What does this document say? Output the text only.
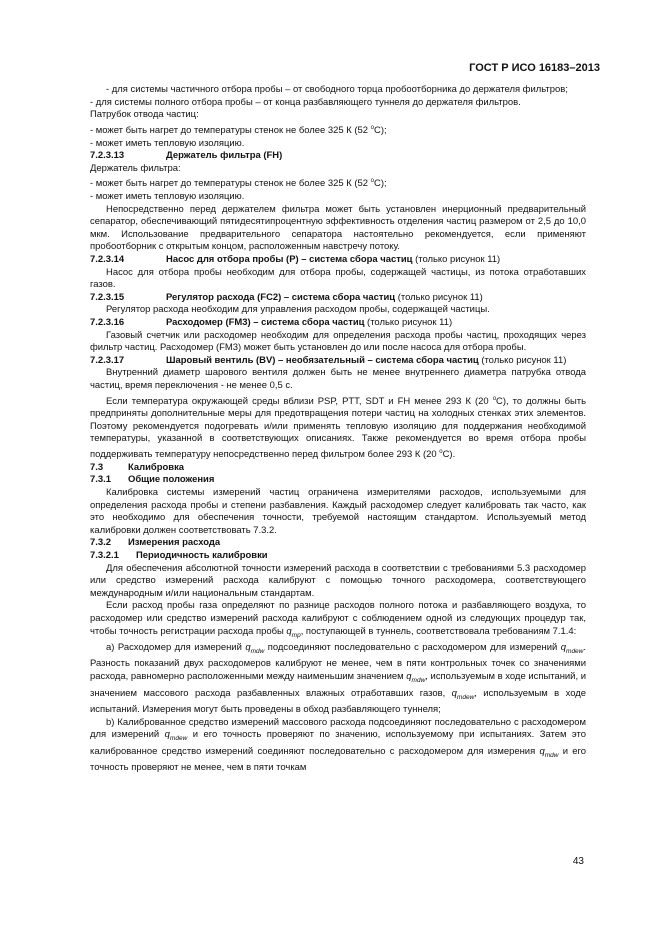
ГОСТ Р ИСО 16183–2013

- для системы частичного отбора пробы – от свободного торца пробоотборника до держателя фильтров;

- для системы полного отбора пробы – от конца разбавляющего туннеля до держателя фильтров.

Патрубок отвода частиц:

- может быть нагрет до температуры стенок не более 325 К (52 $^o$C);

- может иметь тепловую изоляцию.

7.2.3.13	Держатель фильтра (FH)

Держатель фильтра:

- может быть нагрет до температуры стенок не более 325 К (52 $^o$C);

- может иметь тепловую изоляцию.

Непосредственно перед держателем фильтра может быть установлен инерционный предварительный сепаратор, обеспечивающий пятидесятипроцентную эффективность отделения частиц размером от 2,5 до 10,0 мкм. Использование предварительного сепаратора настоятельно рекомендуется, если применяют пробоотборник с открытым концом, расположенным навстречу потоку.

7.2.3.14	Насос для отбора пробы (P) – система сбора частиц (только рисунок 11)

Насос для отбора пробы необходим для отбора пробы, содержащей частицы, из потока отработавших газов.

7.2.3.15	Регулятор расхода (FC2) – система сбора частиц (только рисунок 11)

Регулятор расхода необходим для управления расходом пробы, содержащей частицы.

7.2.3.16	Расходомер (FM3) – система сбора частиц (только рисунок 11)

Газовый счетчик или расходомер необходим для определения расхода пробы частиц, проходящих через фильтр частиц. Расходомер (FM3) может быть установлен до или после насоса для отбора пробы.

7.2.3.17	Шаровый вентиль (BV) – необязательный – система сбора частиц (только рисунок 11)

Внутренний диаметр шарового вентиля должен быть не менее внутреннего диаметра патрубка отвода частиц, время переключения - не менее 0,5 с.

Если температура окружающей среды вблизи PSP, PTT, SDT и FH менее 293 К (20 $^o$С), то должны быть предприняты дополнительные меры для предотвращения потери частиц на холодных стенках этих элементов. Поэтому рекомендуется подогревать и/или применять тепловую изоляцию для поддержания необходимой температуры, указанной в соответствующих описаниях. Также рекомендуется во время отбора пробы поддерживать температуру непосредственно перед фильтром более 293 К (20 $^o$С).

7.3	Калибровка

7.3.1 Общие положения

Калибровка системы измерений частиц ограничена измерителями расходов, используемыми для определения расхода пробы и степени разбавления. Каждый расходомер следует калибровать так часто, как это необходимо для обеспечения точности, требуемой настоящим стандартом. Используемый метод калибровки должен соответствовать 7.3.2.

7.3.2 Измерения расхода

7.3.2.1 Периодичность калибровки

Для обеспечения абсолютной точности измерений расхода в соответствии с требованиями 5.3 расходомер или средство измерений расхода калибруют с помощью точного расходомера, соответствующего международным и/или национальным стандартам.

Если расход пробы газа определяют по разнице расходов полного потока и разбавляющего воздуха, то расходомер или средство измерений расхода калибруют с соблюдением одной из следующих процедур так, чтобы точность регистрации расхода пробы $q_{mp}$, поступающей в туннель, соответствовала требованиям 7.1.4:

а) Расходомер для измерений $q_{mdw}$ подсоединяют последовательно с расходомером для измерений $q_{mdew}$. Разность показаний двух расходомеров калибруют не менее, чем в пяти контрольных точек со значениями расхода, равномерно расположенными между наименьшим значением $q_{mdw}$, используемым в ходе испытаний, и значением массового расхода разбавленных влажных отработавших газов, $q_{mdew}$, используемым в ходе испытаний. Измерения могут быть проведены в обход разбавляющего туннеля;

b) Калиброванное средство измерений массового расхода подсоединяют последовательно с расходомером для измерений $q_{mdew}$ и его точность проверяют по значению, используемому при испытаниях. Затем это калиброванное средство измерений соединяют последовательно с расходомером для измерения $q_{mdw}$ и его точность проверяют не менее, чем в пяти точкам

43
